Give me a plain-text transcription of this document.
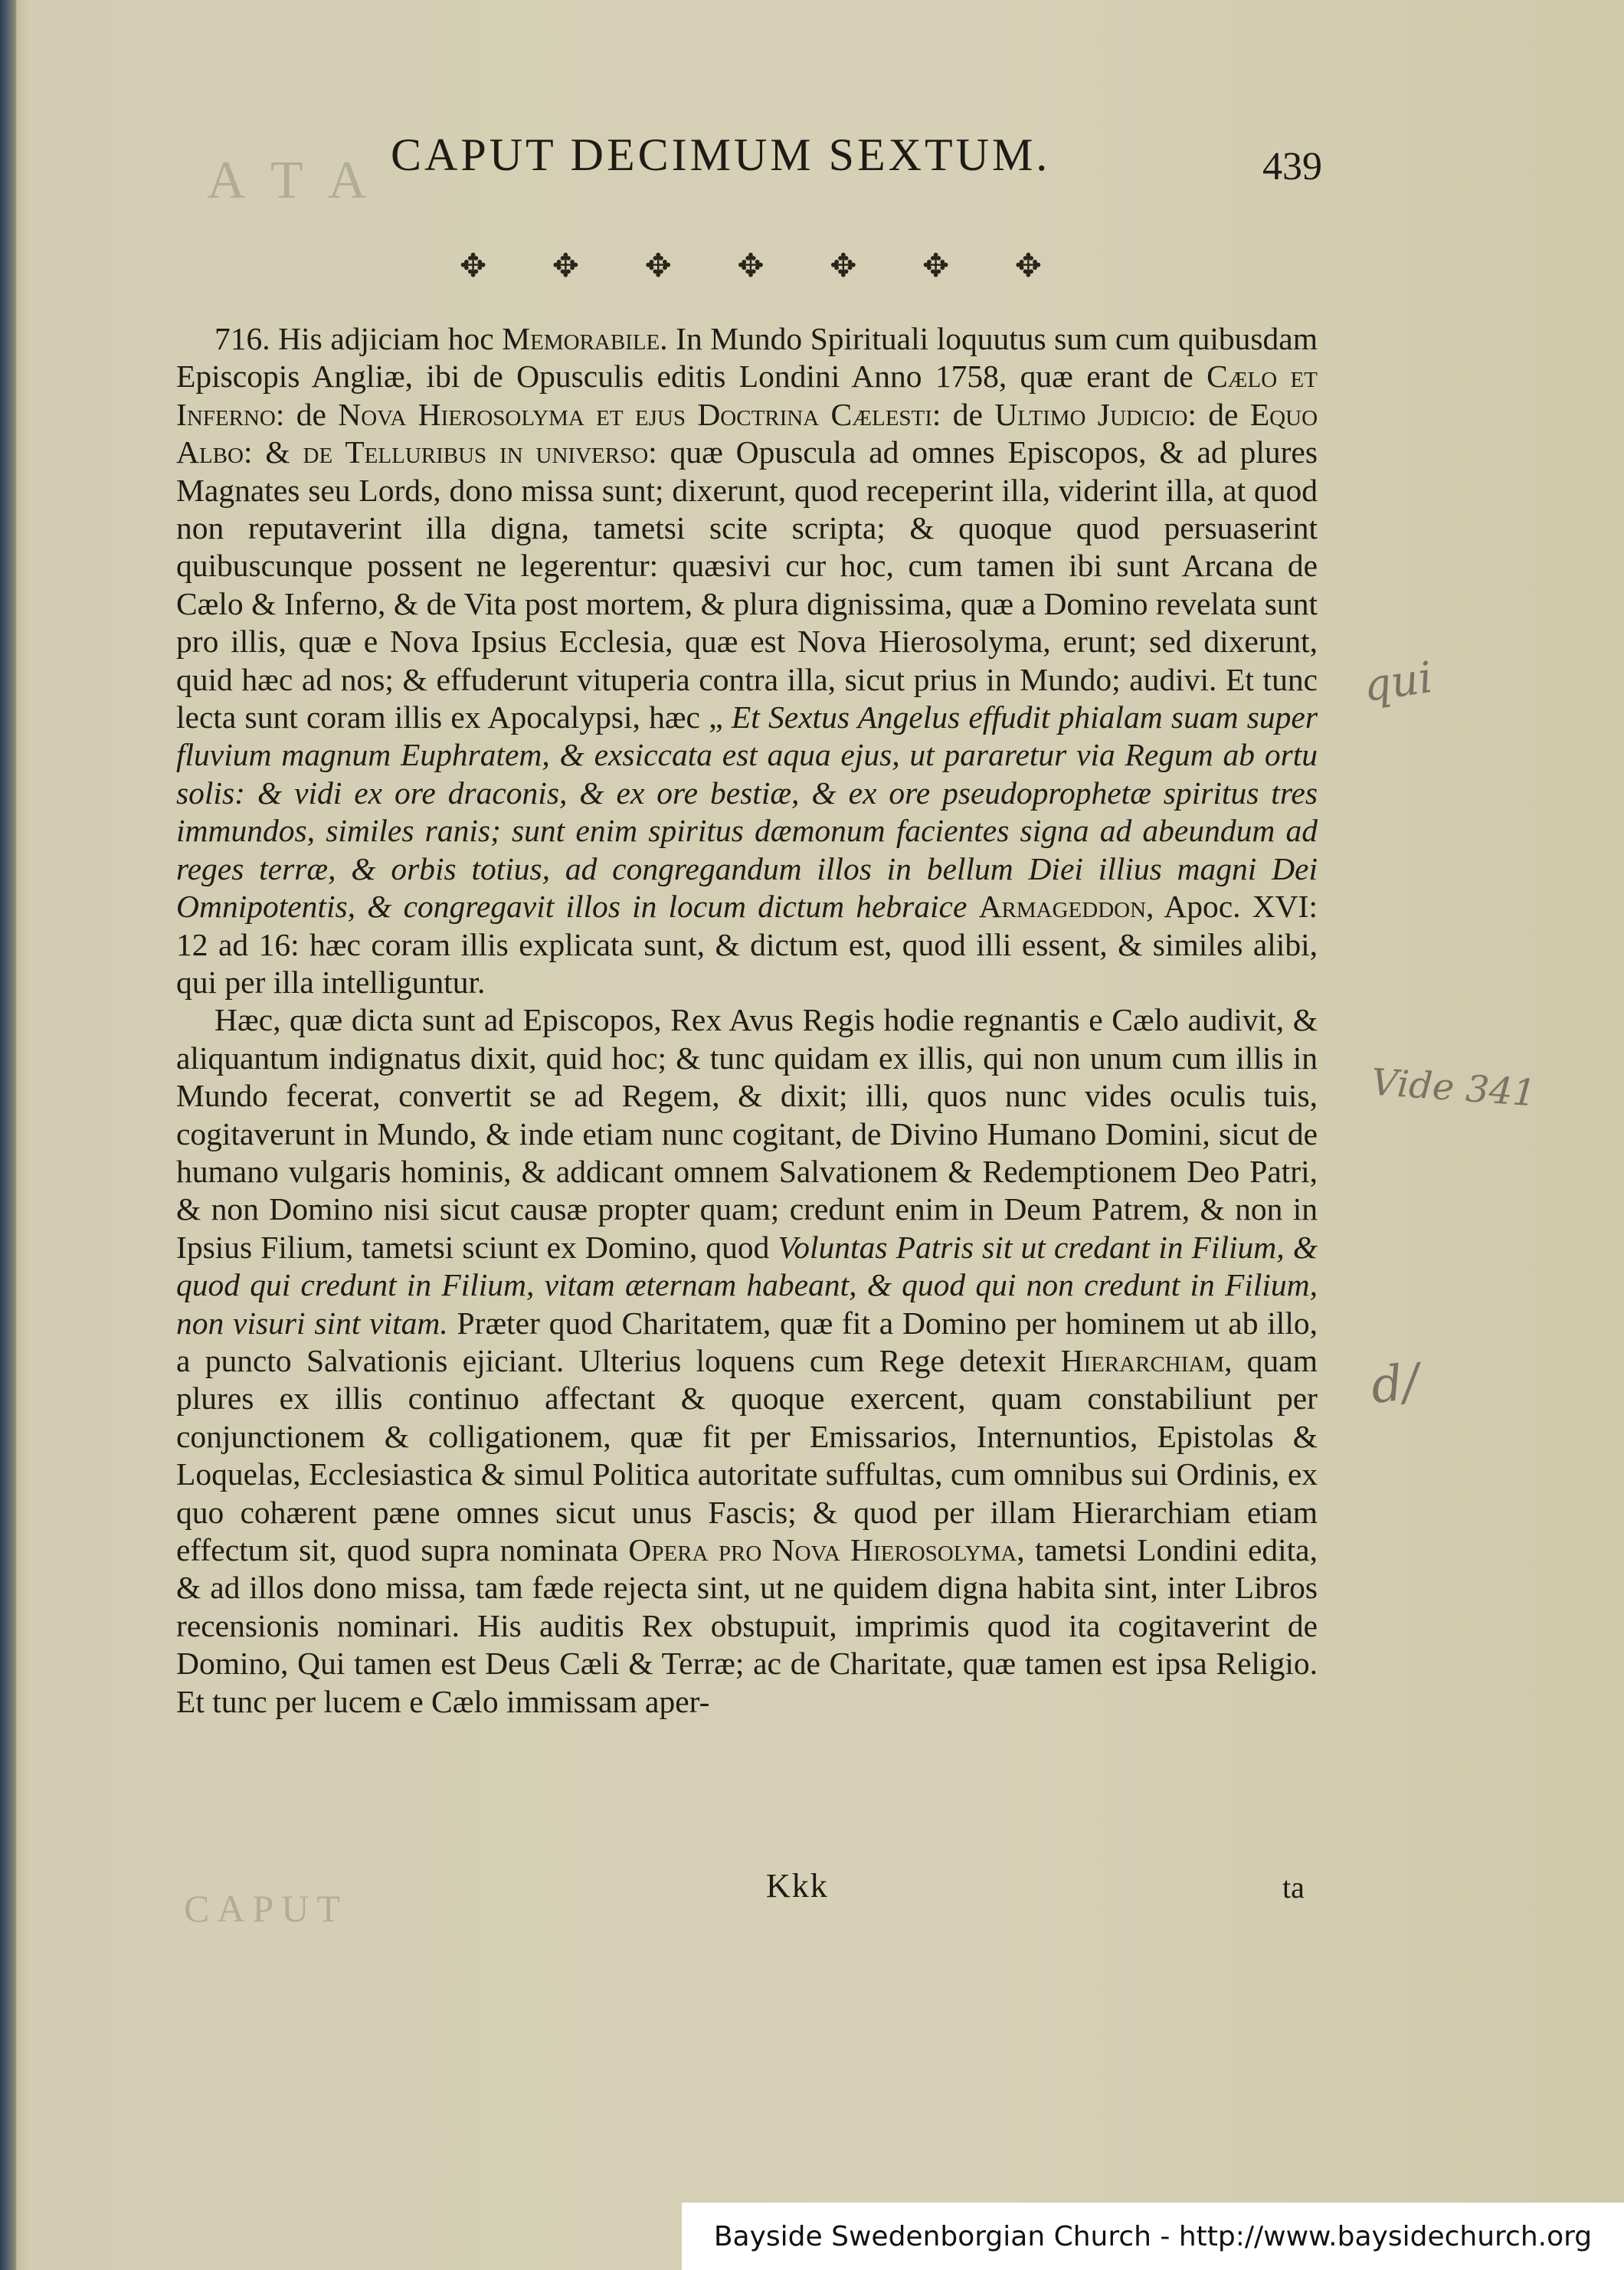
A T A
CAPUT
CAPUT DECIMUM SEXTUM.	439
✥ ✥ ✥ ✥ ✥ ✥ ✥

716. His adjiciam hoc Memorabile. In Mundo Spirituali loquutus sum cum quibusdam Episcopis Angliæ, ibi de Opusculis editis Londini Anno 1758, quæ erant de Cælo et Inferno: de Nova Hierosolyma et ejus Doctrina Cælesti: de Ultimo Judicio: de Equo Albo: & de Telluribus in universo: quæ Opuscula ad omnes Episcopos, & ad plures Magnates seu Lords, dono missa sunt; dixerunt, quod receperint illa, viderint illa, at quod non reputaverint illa digna, tametsi scite scripta; & quoque quod persuaserint quibuscunque possent ne legerentur: quæsivi cur hoc, cum tamen ibi sunt Arcana de Cælo & Inferno, & de Vita post mortem, & plura dignissima, quæ a Domino revelata sunt pro illis, quæ e Nova Ipsius Ecclesia, quæ est Nova Hierosolyma, erunt; sed dixerunt, quid hæc ad nos; & effuderunt vituperia contra illa, sicut prius in Mundo; audivi. Et tunc lecta sunt coram illis ex Apocalypsi, hæc „ Et Sextus Angelus effudit phialam suam super fluvium magnum Euphratem, & exsiccata est aqua ejus, ut pararetur via Regum ab ortu solis: & vidi ex ore draconis, & ex ore bestiæ, & ex ore pseudoprophetæ spiritus tres immundos, similes ranis; sunt enim spiritus dæmonum facientes signa ad abeundum ad reges terræ, & orbis totius, ad congregandum illos in bellum Diei illius magni Dei Omnipotentis, & congregavit illos in locum dictum hebraice Armageddon, Apoc. XVI: 12 ad 16: hæc coram illis explicata sunt, & dictum est, quod illi essent, & similes alibi, qui per illa intelliguntur.

Hæc, quæ dicta sunt ad Episcopos, Rex Avus Regis hodie regnantis e Cælo audivit, & aliquantum indignatus dixit, quid hoc; & tunc quidam ex illis, qui non unum cum illis in Mundo fecerat, convertit se ad Regem, & dixit; illi, quos nunc vides oculis tuis, cogitaverunt in Mundo, & inde etiam nunc cogitant, de Divino Humano Domini, sicut de humano vulgaris hominis, & addicant omnem Salvationem & Redemptionem Deo Patri, & non Domino nisi sicut causæ propter quam; credunt enim in Deum Patrem, & non in Ipsius Filium, tametsi sciunt ex Domino, quod Voluntas Patris sit ut credant in Filium, & quod qui credunt in Filium, vitam æternam habeant, & quod qui non credunt in Filium, non visuri sint vitam. Præter quod Charitatem, quæ fit a Domino per hominem ut ab illo, a puncto Salvationis ejiciant. Ulterius loquens cum Rege detexit Hierarchiam, quam plures ex illis continuo affectant & quoque exercent, quam constabiliunt per conjunctionem & colligationem, quæ fit per Emissarios, Internuntios, Epistolas & Loquelas, Ecclesiastica & simul Politica autoritate suffultas, cum omnibus sui Ordinis, ex quo cohærent pæne omnes sicut unus Fascis; & quod per illam Hierarchiam etiam effectum sit, quod supra nominata Opera pro Nova Hierosolyma, tametsi Londini edita, & ad illos dono missa, tam fæde rejecta sint, ut ne quidem digna habita sint, inter Libros recensionis nominari. His auditis Rex obstupuit, imprimis quod ita cogitaverint de Domino, Qui tamen est Deus Cæli & Terræ; ac de Charitate, quæ tamen est ipsa Religio. Et tunc per lucem e Cælo immissam aper-

Kkk	ta
qui
Vide 341
d/
Bayside Swedenborgian Church - http://www.baysidechurch.org
